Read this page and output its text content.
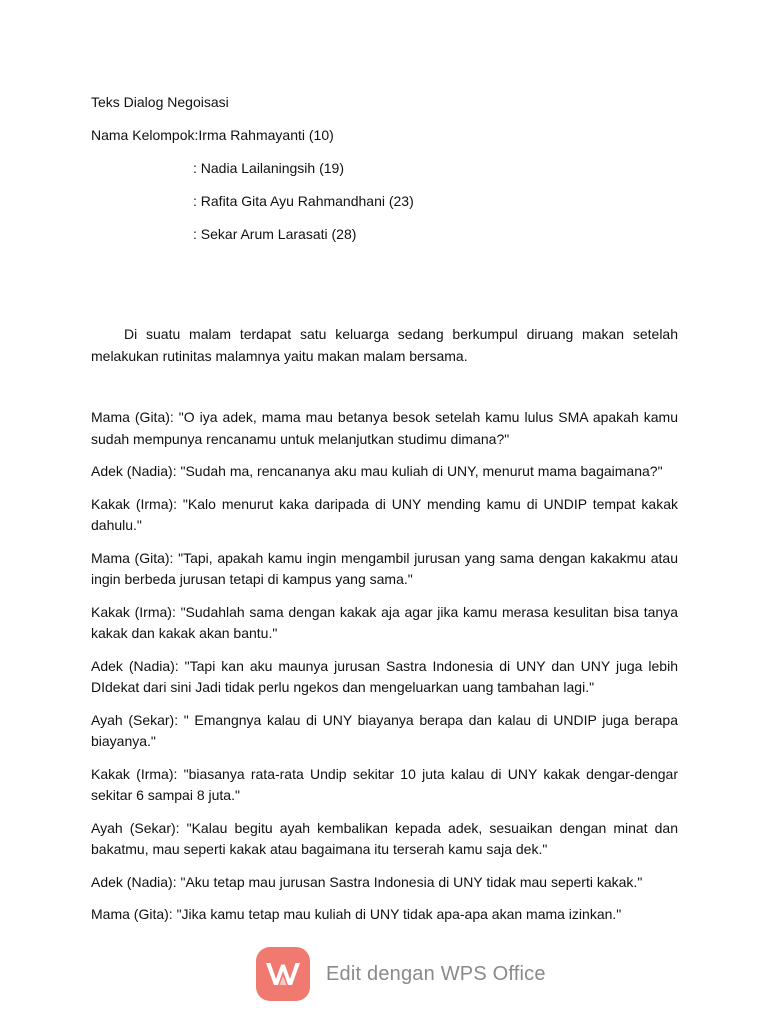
Teks Dialog Negoisasi
Nama Kelompok:Irma Rahmayanti (10)
: Nadia Lailaningsih (19)
: Rafita Gita Ayu Rahmandhani (23)
: Sekar Arum Larasati (28)

Di suatu malam terdapat satu keluarga sedang berkumpul diruang makan setelah melakukan rutinitas malamnya yaitu makan malam bersama.

Mama (Gita): "O iya adek, mama mau betanya besok setelah kamu lulus SMA apakah kamu sudah mempunya rencanamu untuk melanjutkan studimu dimana?"

Adek (Nadia): "Sudah ma, rencananya aku mau kuliah di UNY, menurut mama bagaimana?"

Kakak (Irma): "Kalo menurut kaka daripada di UNY mending kamu di UNDIP tempat kakak dahulu."

Mama (Gita): "Tapi, apakah kamu ingin mengambil jurusan yang sama dengan kakakmu atau ingin berbeda jurusan tetapi di kampus yang sama."

Kakak (Irma): "Sudahlah sama dengan kakak aja agar jika kamu merasa kesulitan bisa tanya kakak dan kakak akan bantu."

Adek (Nadia): "Tapi kan aku maunya jurusan Sastra Indonesia di UNY dan UNY juga lebih DIdekat dari sini Jadi tidak perlu ngekos dan mengeluarkan uang tambahan lagi."

Ayah (Sekar): " Emangnya kalau di UNY biayanya berapa dan kalau di UNDIP juga berapa biayanya."

Kakak (Irma): "biasanya rata-rata Undip sekitar 10 juta kalau di UNY kakak dengar-dengar sekitar 6 sampai 8 juta."

Ayah (Sekar): "Kalau begitu ayah kembalikan kepada adek, sesuaikan dengan minat dan bakatmu, mau seperti kakak atau bagaimana itu terserah kamu saja dek."

Adek (Nadia): "Aku tetap mau jurusan Sastra Indonesia di UNY tidak mau seperti kakak."

Mama (Gita): "Jika kamu tetap mau kuliah di UNY tidak apa-apa akan mama izinkan."

Edit dengan WPS Office
